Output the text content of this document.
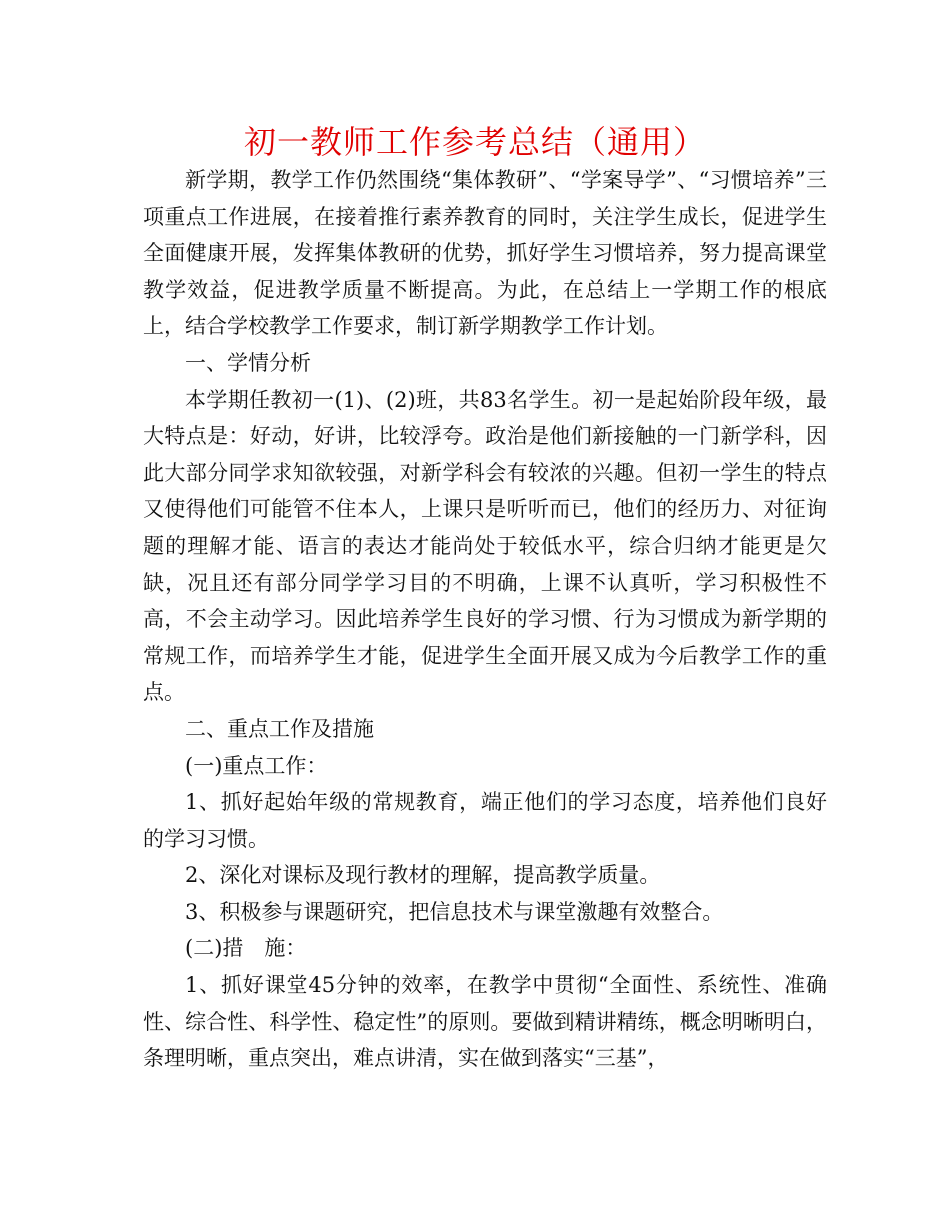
初一教师工作参考总结（通用）

新学期，教学工作仍然围绕“集体教研”、“学案导学”、“习惯培养”三项重点工作进展，在接着推行素养教育的同时，关注学生成长，促进学生全面健康开展，发挥集体教研的优势，抓好学生习惯培养，努力提高课堂教学效益，促进教学质量不断提高。为此，在总结上一学期工作的根底上，结合学校教学工作要求，制订新学期教学工作计划。

一、学情分析

本学期任教初一(1)、(2)班，共83名学生。初一是起始阶段年级，最大特点是：好动，好讲，比较浮夸。政治是他们新接触的一门新学科，因此大部分同学求知欲较强，对新学科会有较浓的兴趣。但初一学生的特点又使得他们可能管不住本人，上课只是听听而已，他们的经历力、对征询题的理解才能、语言的表达才能尚处于较低水平，综合归纳才能更是欠缺，况且还有部分同学学习目的不明确，上课不认真听，学习积极性不高，不会主动学习。因此培养学生良好的学习惯、行为习惯成为新学期的常规工作，而培养学生才能，促进学生全面开展又成为今后教学工作的重点。

二、重点工作及措施

(一)重点工作：

1、抓好起始年级的常规教育，端正他们的学习态度，培养他们良好的学习习惯。

2、深化对课标及现行教材的理解，提高教学质量。

3、积极参与课题研究，把信息技术与课堂激趣有效整合。

(二)措　施：

1、抓好课堂45分钟的效率，在教学中贯彻“全面性、系统性、准确性、综合性、科学性、稳定性”的原则。要做到精讲精练，概念明晰明白，条理明晰，重点突出，难点讲清，实在做到落实“三基”，
